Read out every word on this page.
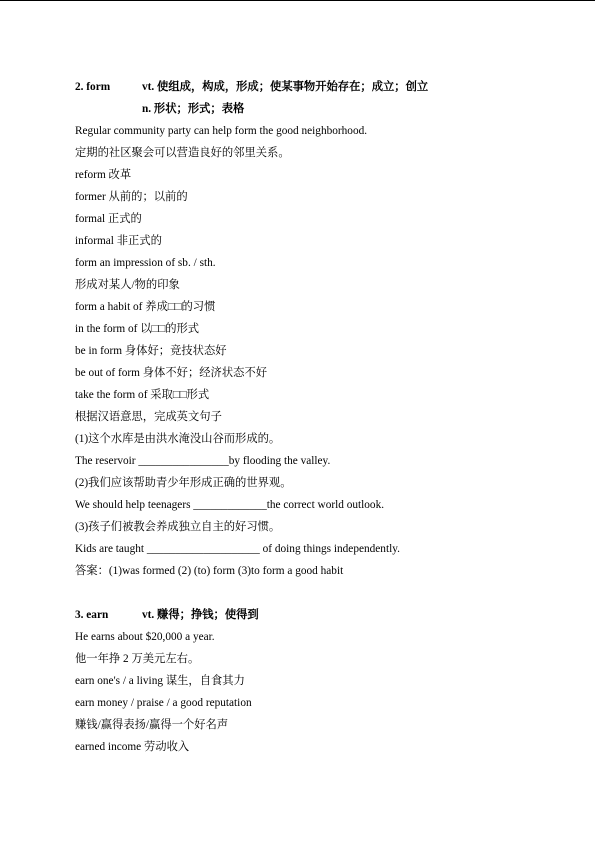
2. form	vt. 使组成，构成，形成；使某事物开始存在；成立；创立
n. 形状；形式；表格
Regular community party can help form the good neighborhood.
定期的社区聚会可以营造良好的邻里关系。
reform 改革
former 从前的；以前的
formal 正式的
informal 非正式的
form an impression of sb. / sth.
形成对某人/物的印象
form a habit of 养成□□的习惯
in the form of 以□□的形式
be in form 身体好；竞技状态好
be out of form 身体不好；经济状态不好
take the form of 采取□□形式
根据汉语意思，完成英文句子
(1)这个水库是由洪水淹没山谷而形成的。
The reservoir ________________by flooding the valley.
(2)我们应该帮助青少年形成正确的世界观。
We should help teenagers _____________the correct world outlook.
(3)孩子们被教会养成独立自主的好习惯。
Kids are taught ____________________ of doing things independently.
答案：(1)was formed (2) (to) form (3)to form a good habit
3. earn	vt. 赚得；挣钱；使得到
He earns about $20,000 a year.
他一年挣 2 万美元左右。
earn one's / a living 谋生，自食其力
earn money / praise / a good reputation
赚钱/赢得表扬/赢得一个好名声
earned income 劳动收入
